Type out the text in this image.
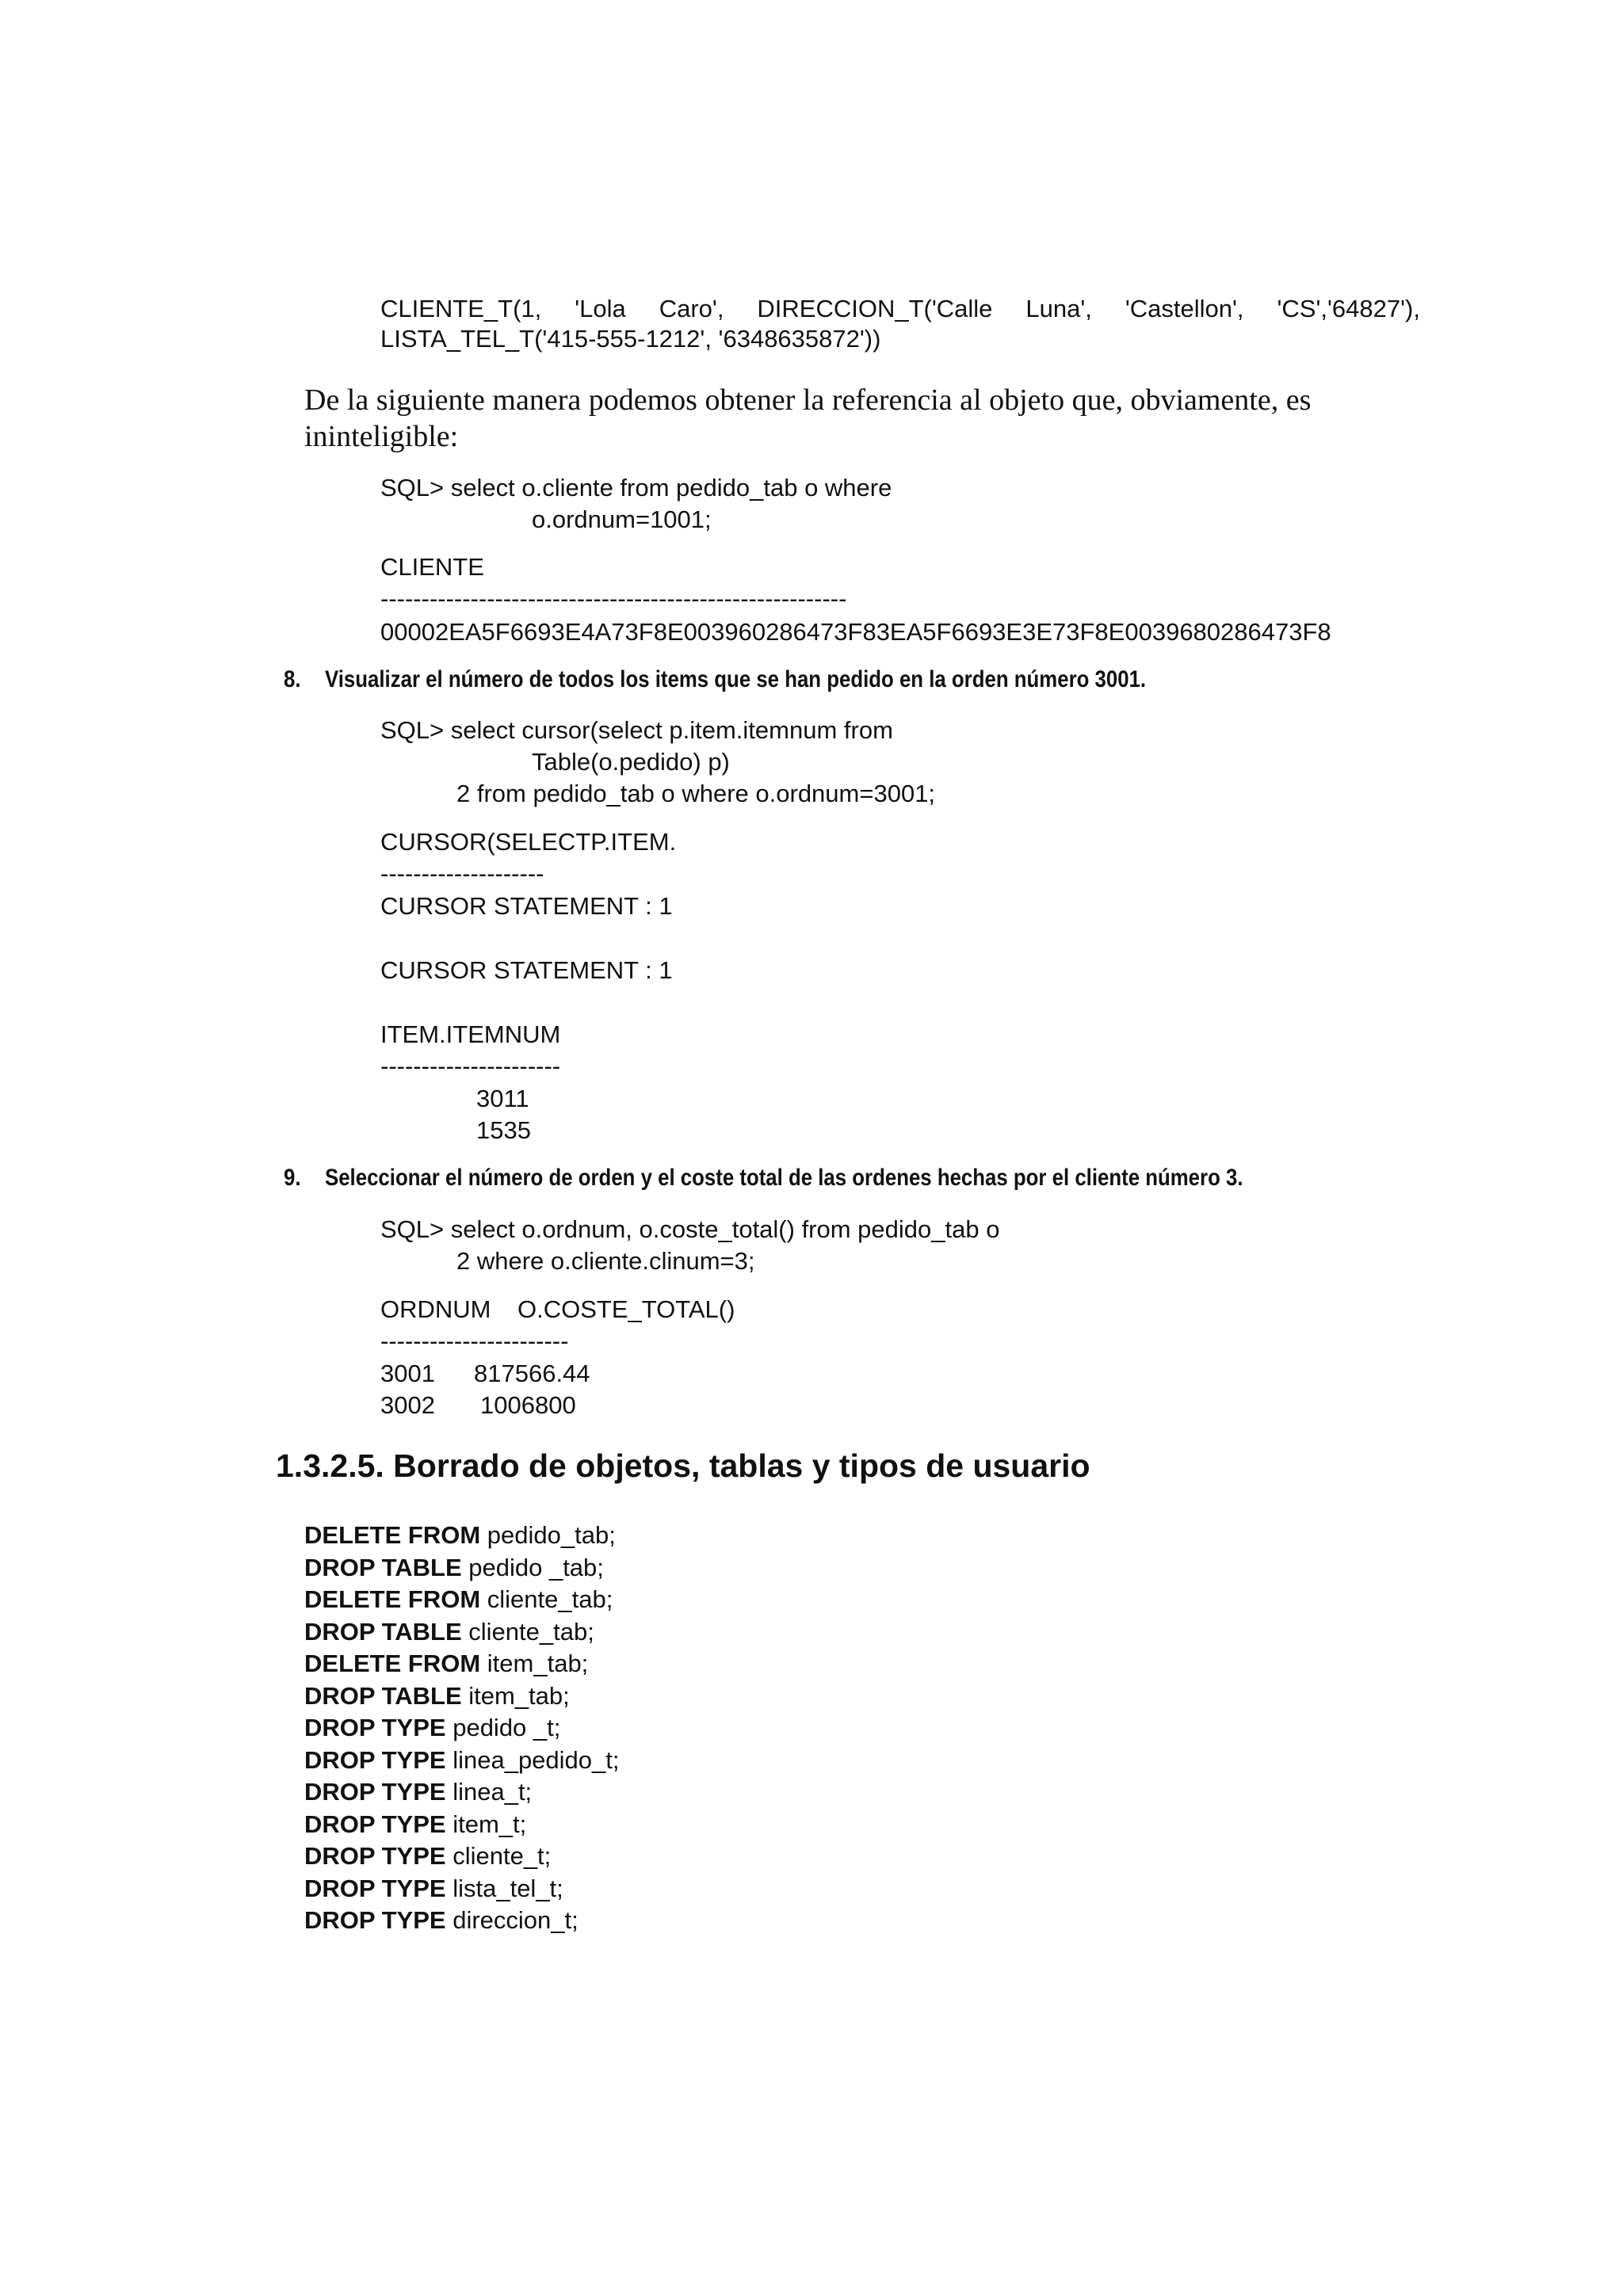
CLIENTE_T(1, 'Lola Caro', DIRECCION_T('Calle Luna', 'Castellon', 'CS','64827'),
LISTA_TEL_T('415-555-1212', '6348635872'))
De la siguiente manera podemos obtener la referencia al objeto que, obviamente, es
ininteligible:
SQL> select o.cliente from pedido_tab o where
o.ordnum=1001;
CLIENTE
---------------------------------------------------------
00002EA5F6693E4A73F8E003960286473F83EA5F6693E3E73F8E0039680286473F8
8. Visualizar el número de todos los items que se han pedido en la orden número 3001.
SQL> select cursor(select p.item.itemnum from
Table(o.pedido) p)
2 from pedido_tab o where o.ordnum=3001;
CURSOR(SELECTP.ITEM.
--------------------
CURSOR STATEMENT : 1
CURSOR STATEMENT : 1
ITEM.ITEMNUM
----------------------
3011
1535
9. Seleccionar el número de orden y el coste total de las ordenes hechas por el cliente número 3.
SQL> select o.ordnum, o.coste_total() from pedido_tab o
2 where o.cliente.clinum=3;
ORDNUM O.COSTE_TOTAL()
-----------------------
3001 817566.44
3002 1006800
1.3.2.5. Borrado de objetos, tablas y tipos de usuario
DELETE FROM pedido_tab;
DROP TABLE pedido _tab;
DELETE FROM cliente_tab;
DROP TABLE cliente_tab;
DELETE FROM item_tab;
DROP TABLE item_tab;
DROP TYPE pedido _t;
DROP TYPE linea_pedido_t;
DROP TYPE linea_t;
DROP TYPE item_t;
DROP TYPE cliente_t;
DROP TYPE lista_tel_t;
DROP TYPE direccion_t;
